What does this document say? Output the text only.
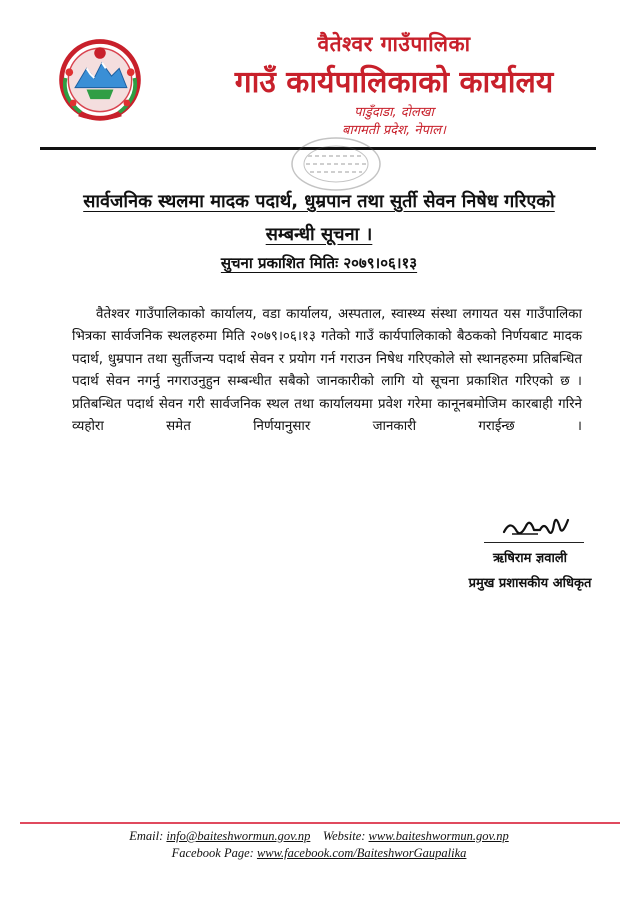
वैतेश्वर गाउँपालिका
गाउँ कार्यपालिकाको कार्यालय
पाडुँदाडा, दोलखा
बागमती प्रदेश, नेपाल।
सार्वजनिक स्थलमा मादक पदार्थ, धुम्रपान तथा सुर्ती सेवन निषेध गरिएको
सम्बन्धी सूचना ।
सुचना प्रकाशित मितिः २०७९।०६।१३
वैतेश्वर गाउँपालिकाको कार्यालय, वडा कार्यालय, अस्पताल, स्वास्थ्य संस्था लगायत यस गाउँपालिका भित्रका सार्वजनिक स्थलहरुमा मिति २०७९।०६।१३ गतेको गाउँ कार्यपालिकाको बैठकको निर्णयबाट मादक पदार्थ, धुम्रपान तथा सुर्तीजन्य पदार्थ सेवन र प्रयोग गर्न गराउन निषेध गरिएकोले सो स्थानहरुमा प्रतिबन्धित पदार्थ सेवन नगर्नु नगराउनुहुन सम्बन्धीत सबैको जानकारीको लागि यो सूचना प्रकाशित गरिएको छ । प्रतिबन्धित पदार्थ सेवन गरी सार्वजनिक स्थल तथा कार्यालयमा प्रवेश गरेमा कानूनबमोजिम कारबाही गरिने व्यहोरा समेत निर्णयानुसार जानकारी गराईन्छ ।
ऋषिराम ज्ञवाली
प्रमुख प्रशासकीय अधिकृत
Email: info@baiteshwormun.gov.np Website: www.baiteshwormun.gov.np
Facebook Page: www.facebook.com/BaiteshworGaupalika
